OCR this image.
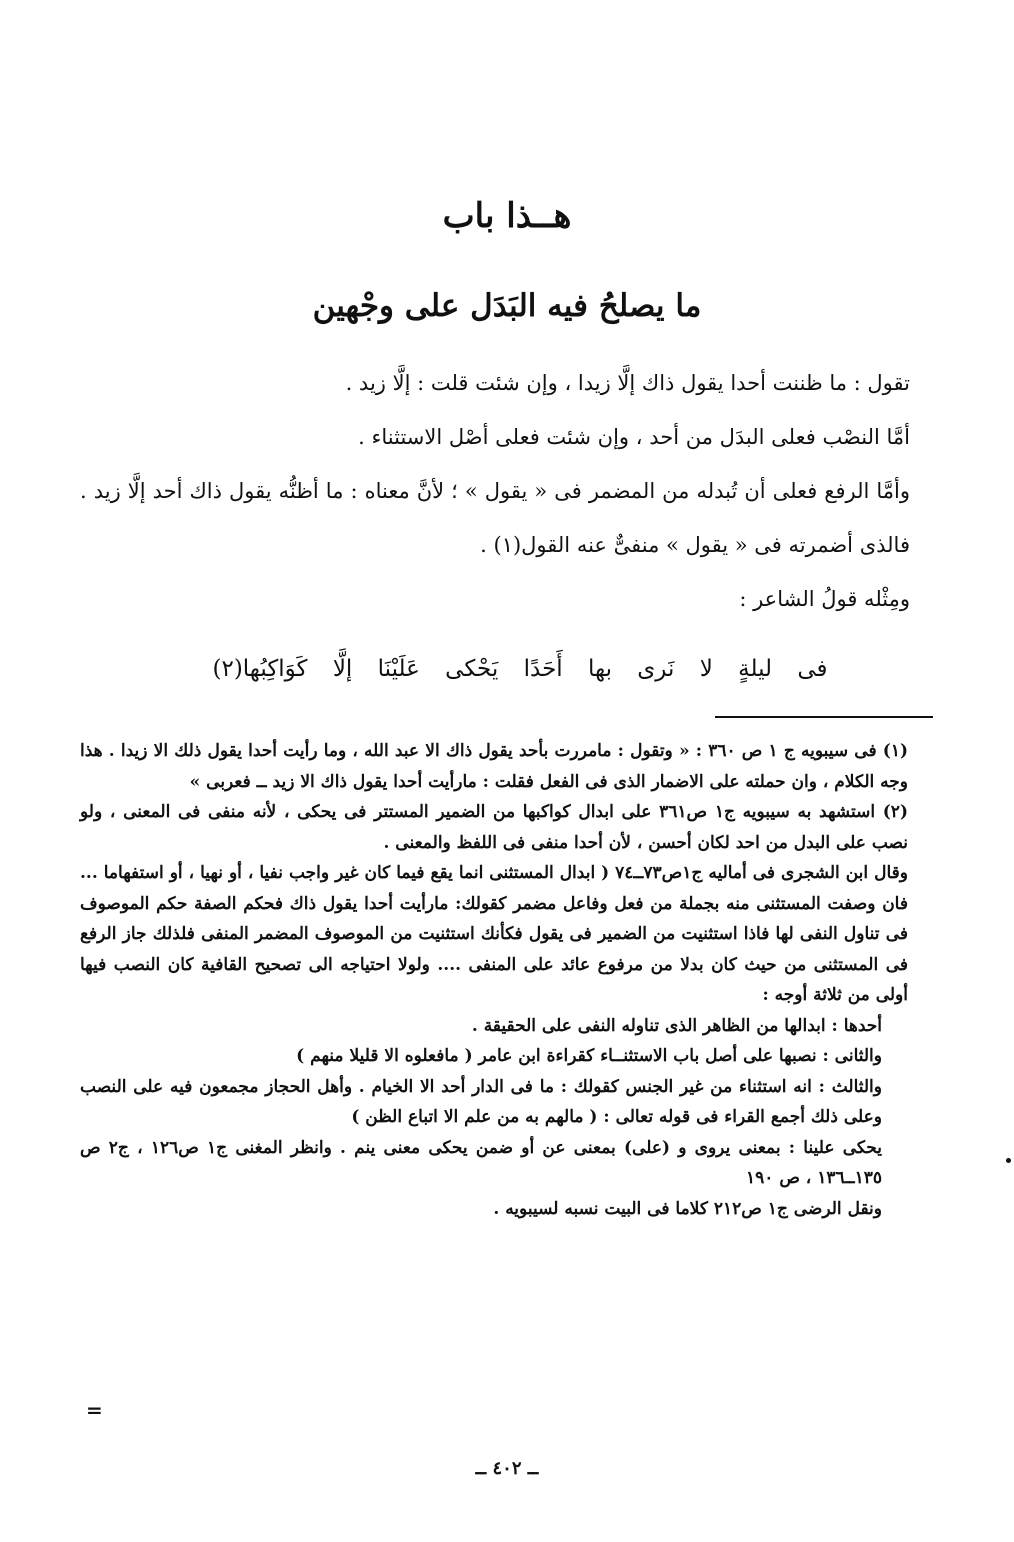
هــذا باب
ما يصلحُ فيه البَدَل على وجْهين

تقول : ما ظننت أحدا يقول ذاك إلَّا زيدا ، وإن شئت قلت : إلَّا زيد .

أمَّا النصْب فعلى البدَل من أحد ، وإن شئت فعلى أصْل الاستثناء .

وأمَّا الرفع فعلى أن تُبدله من المضمر فى « يقول » ؛ لأنَّ معناه : ما أظنُّه يقول ذاك أحد إلَّا زيد . فالذى أضمرته فى « يقول » منفىٌّ عنه القول(١) .

ومِثْله قولُ الشاعر :

فى ليلةٍ لا نَرى بها أَحَدًا يَحْكى عَلَيْنَا إلَّا كَوَاكِبُها(٢)

(١) فى سيبويه ج ١ ص ٣٦٠ : « وتقول : مامررت بأحد يقول ذاك الا عبد الله ، وما رأيت أحدا يقول ذلك الا زيدا . هذا وجه الكلام ، وان حملته على الاضمار الذى فى الفعل فقلت : مارأيت أحدا يقول ذاك الا زيد ــ فعربى »

(٢) استشهد به سيبويه ج١ ص٣٦١ على ابدال كواكبها من الضمير المستتر فى يحكى ، لأنه منفى فى المعنى ، ولو نصب على البدل من احد لكان أحسن ، لأن أحدا منفى فى اللفظ والمعنى .

وقال ابن الشجرى فى أماليه ج١ص٧٣ــ٧٤ ( ابدال المستثنى انما يقع فيما كان غير واجب نفيا ، أو نهيا ، أو استفهاما ... فان وصفت المستثنى منه بجملة من فعل وفاعل مضمر كقولك: مارأيت أحدا يقول ذاك فحكم الصفة حكم الموصوف فى تناول النفى لها فاذا استثنيت من الضمير فى يقول فكأنك استثنيت من الموصوف المضمر المنفى فلذلك جاز الرفع فى المستثنى من حيث كان بدلا من مرفوع عائد على المنفى .... ولولا احتياجه الى تصحيح القافية كان النصب فيها أولى من ثلاثة أوجه :

أحدها : ابدالها من الظاهر الذى تناوله النفى على الحقيقة .

والثانى : نصبها على أصل باب الاستثنــاء كقراءة ابن عامر ( مافعلوه الا قليلا منهم )

والثالث : انه استثناء من غير الجنس كقولك : ما فى الدار أحد الا الخيام . وأهل الحجاز مجمعون فيه على النصب وعلى ذلك أجمع القراء فى قوله تعالى : ( مالهم به من علم الا اتباع الظن )

يحكى علينا : بمعنى يروى و (على) بمعنى عن أو ضمن يحكى معنى ينم . وانظر المغنى ج١ ص١٢٦ ، ج٢ ص ١٣٥ــ١٣٦ ، ص ١٩٠

ونقل الرضى ج١ ص٢١٢ كلاما فى البيت نسبه لسيبويه .

=
ــ ٤٠٢ ــ
